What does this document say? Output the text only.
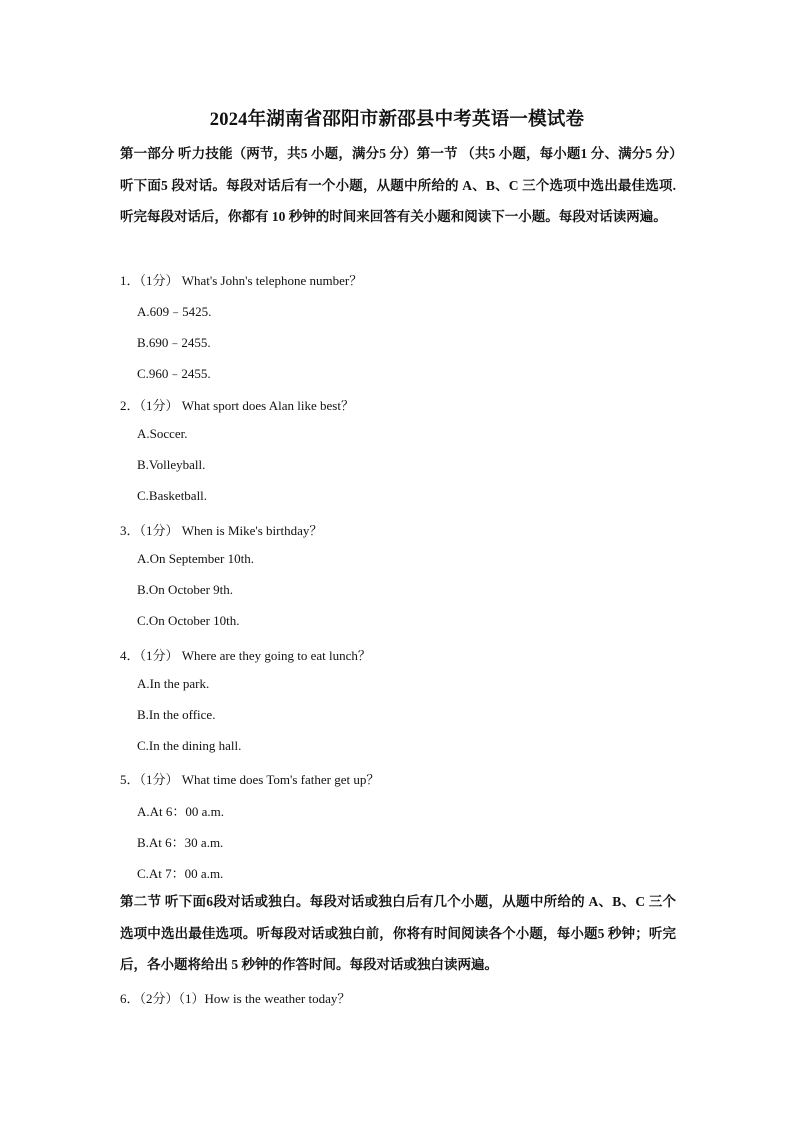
2024年湖南省邵阳市新邵县中考英语一模试卷
第一部分 听力技能（两节，共5 小题，满分5 分）第一节 （共5 小题，每小题1 分、满分5 分）听下面5 段对话。每段对话后有一个小题，从题中所给的 A、B、C 三个选项中选出最佳选项.听完每段对话后，你都有 10 秒钟的时间来回答有关小题和阅读下一小题。每段对话读两遍。
1．（1分） What's John's telephone number？
A.609﹣5425.
B.690﹣2455.
C.960﹣2455.
2．（1分） What sport does Alan like best？
A.Soccer.
B.Volleyball.
C.Basketball.
3．（1分） When is Mike's birthday？
A.On September 10th.
B.On October 9th.
C.On October 10th.
4．（1分） Where are they going to eat lunch？
A.In the park.
B.In the office.
C.In the dining hall.
5．（1分） What time does Tom's father get up？
A.At 6：00 a.m.
B.At 6：30 a.m.
C.At 7：00 a.m.
第二节 听下面6段对话或独白。每段对话或独白后有几个小题，从题中所给的 A、B、C 三个选项中选出最佳选项。听每段对话或独白前，你将有时间阅读各个小题，每小题5 秒钟；听完后，各小题将给出 5 秒钟的作答时间。每段对话或独白读两遍。
6．（2分）（1）How is the weather today？
